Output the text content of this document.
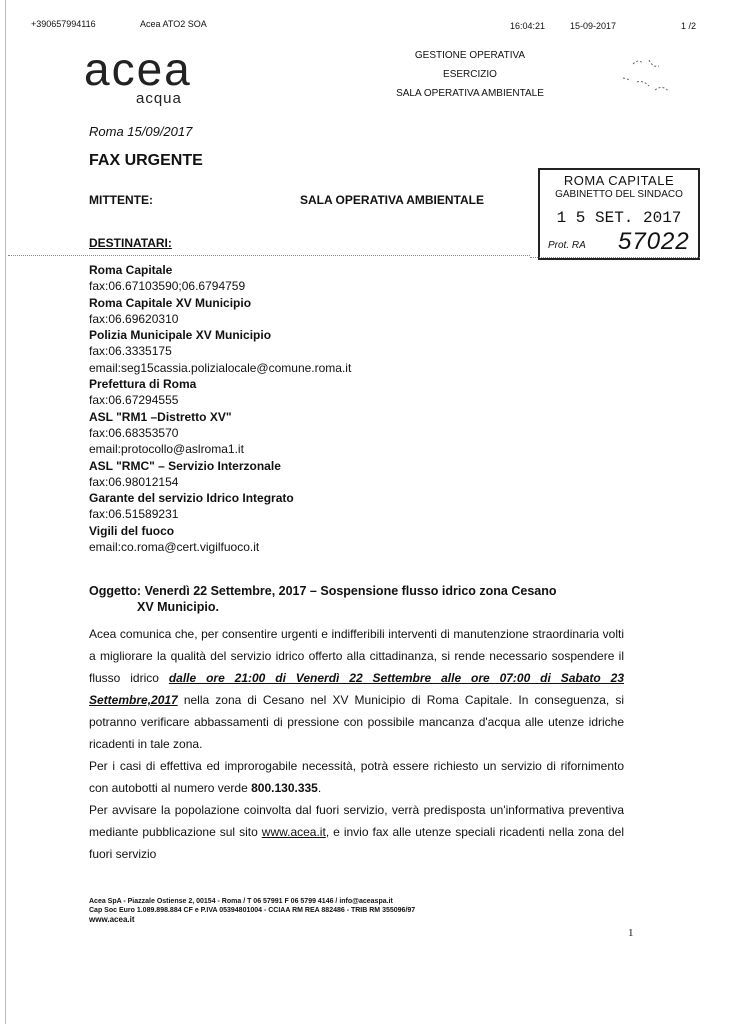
+390657994116	Acea ATO2 SOA	16:04:21	15-09-2017	1 /2
acea
acqua
GESTIONE OPERATIVA
ESERCIZIO
SALA OPERATIVA AMBIENTALE
Roma 15/09/2017
FAX URGENTE
MITTENTE:	SALA OPERATIVA AMBIENTALE
ROMA CAPITALE
GABINETTO DEL SINDACO
1 5 SET. 2017
Prot. RA 57022
DESTINATARI:
Roma Capitale
fax:06.67103590;06.6794759
Roma Capitale XV Municipio
fax:06.69620310
Polizia Municipale XV Municipio
fax:06.3335175
email:seg15cassia.polizialocale@comune.roma.it
Prefettura di Roma
fax:06.67294555
ASL "RM1 –Distretto XV"
fax:06.68353570
email:protocollo@aslroma1.it
ASL "RMC" – Servizio Interzonale
fax:06.98012154
Garante del servizio Idrico Integrato
fax:06.51589231
Vigili del fuoco
email:co.roma@cert.vigilfuoco.it
Oggetto: Venerdì 22 Settembre, 2017 – Sospensione flusso idrico zona Cesano
XV Municipio.
Acea comunica che, per consentire urgenti e indifferibili interventi di manutenzione straordinaria volti a migliorare la qualità del servizio idrico offerto alla cittadinanza, si rende necessario sospendere il flusso idrico dalle ore 21:00 di Venerdì 22 Settembre alle ore 07:00 di Sabato 23 Settembre,2017 nella zona di Cesano nel XV Municipio di Roma Capitale. In conseguenza, si potranno verificare abbassamenti di pressione con possibile mancanza d'acqua alle utenze idriche ricadenti in tale zona.
Per i casi di effettiva ed improrogabile necessità, potrà essere richiesto un servizio di rifornimento con autobotti al numero verde 800.130.335.
Per avvisare la popolazione coinvolta dal fuori servizio, verrà predisposta un'informativa preventiva mediante pubblicazione sul sito www.acea.it, e invio fax alle utenze speciali ricadenti nella zona del fuori servizio
Acea SpA - Piazzale Ostiense 2, 00154 - Roma / T 06 57991 F 06 5799 4146 / info@aceaspa.it
Cap Soc Euro 1.089.898.884 CF e P.IVA 05394801004 - CCIAA RM REA 882486 - TRIB RM 355096/97
www.acea.it
1
